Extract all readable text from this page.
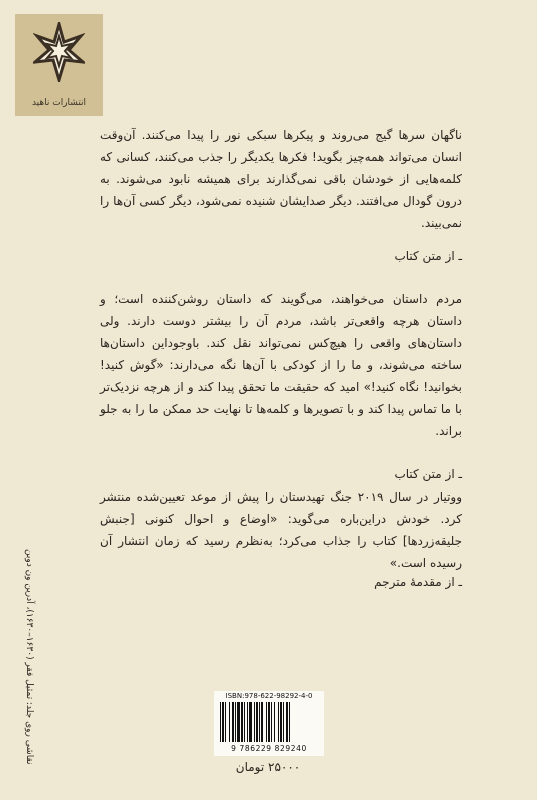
انتشارات ناهید

ناگهان سرها گیج می‌روند و پیکرها سبکی نور را پیدا می‌کنند. آن‌وقت انسان می‌تواند همه‌چیز بگوید! فکرها یکدیگر را جذب می‌کنند، کسانی که کلمه‌هایی از خودشان باقی نمی‌گذارند برای همیشه نابود می‌شوند. به درون گودال می‌افتند. دیگر صدایشان شنیده نمی‌شود، دیگر کسی آن‌ها را نمی‌بیند.

ـ از متن کتاب

مردم داستان می‌خواهند، می‌گویند که داستان روشن‌کننده است؛ و داستان هرچه واقعی‌تر باشد، مردم آن را بیشتر دوست دارند. ولی داستان‌های واقعی را هیچ‌کس نمی‌تواند نقل کند. باوجوداین داستان‌ها ساخته می‌شوند، و ما را از کودکی با آن‌ها نگه می‌دارند: «گوش کنید! بخوانید! نگاه کنید!» امید که حقیقت ما تحقق پیدا کند و از هرچه نزدیک‌تر با ما تماس پیدا کند و با تصویرها و کلمه‌ها تا نهایت حد ممکن ما را به جلو براند.

ـ از متن کتاب

ووتیار در سال ۲۰۱۹ جنگ تهیدستان را پیش از موعد تعیین‌شده منتشر کرد. خودش دراین‌باره می‌گوید: «اوضاع و احوال کنونی [جنبش جلیقه‌زردها] کتاب را جذاب می‌کرد؛ به‌نظرم رسید که زمان انتشار آن رسیده است.»

ـ از مقدمهٔ مترجم

نقاشی روی جلد: تمثیل فقر (۱۶۳۰–۱۶۳۰)، آدرین ون دوبن	ISBN:978-622-98292-4-0
9 786229 829240
۲۵۰۰۰ تومان
